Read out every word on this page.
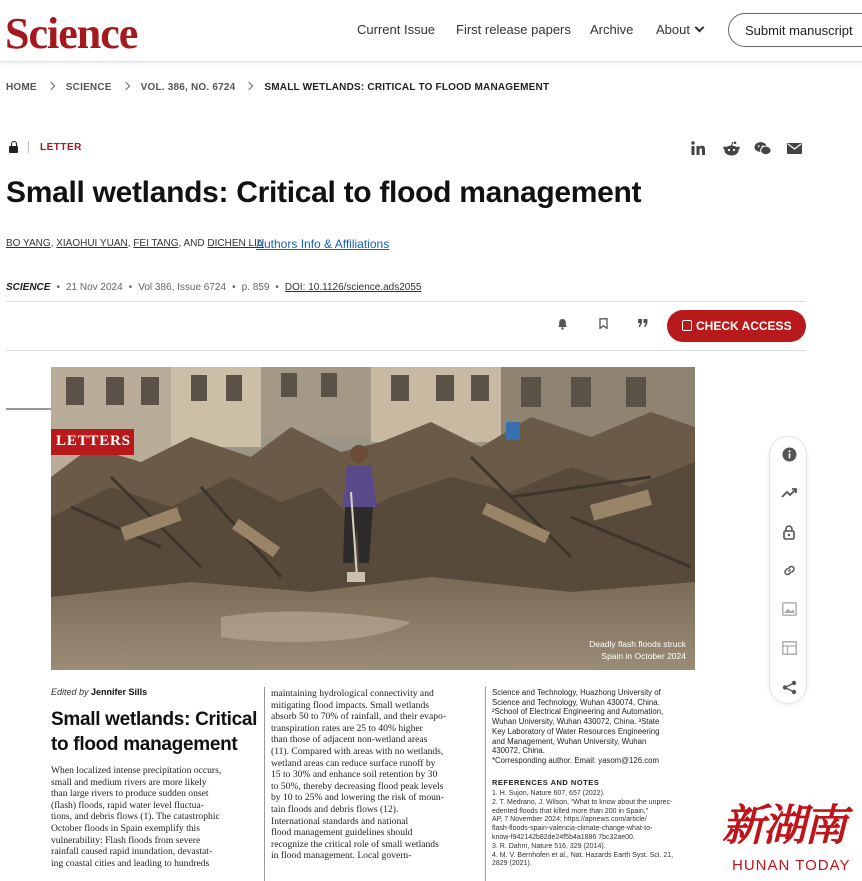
Science	Current Issue First release papers Archive About	Submit manuscript
HOME	SCIENCE	VOL. 386, NO. 6724	SMALL WETLANDS: CRITICAL TO FLOOD MANAGEMENT
LETTER
Small wetlands: Critical to flood management
BO YANG, XIAOHUI YUAN, FEI TANG, AND DICHEN LIU
Authors Info & Affiliations
SCIENCE • 21 Nov 2024 • Vol 386, Issue 6724 • p. 859 • DOI: 10.1126/science.ads2055
CHECK ACCESS
LETTERS
Deadly flash floods struck
Spain in October 2024
Edited by Jennifer Sills
Small wetlands: Critical
to flood management
When localized intense precipitation occurs,
small and medium rivers are more likely
than large rivers to produce sudden onset
(flash) floods, rapid water level fluctua-
tions, and debris flows (1). The catastrophic
October floods in Spain exemplify this
vulnerability: Flash floods from severe
rainfall caused rapid inundation, devastat-
ing coastal cities and leading to hundreds
maintaining hydrological connectivity and
mitigating flood impacts. Small wetlands
absorb 50 to 70% of rainfall, and their evapo-
transpiration rates are 25 to 40% higher
than those of adjacent non-wetland areas
(11). Compared with areas with no wetlands,
wetland areas can reduce surface runoff by
15 to 30% and enhance soil retention by 30
to 50%, thereby decreasing flood peak levels
by 10 to 25% and lowering the risk of moun-
tain floods and debris flows (12).
International standards and national
flood management guidelines should
recognize the critical role of small wetlands
in flood management. Local govern-
Science and Technology, Huazhong University of
Science and Technology, Wuhan 430074, China.
²School of Electrical Engineering and Automation,
Wuhan University, Wuhan 430072, China. ³State
Key Laboratory of Water Resources Engineering
and Management, Wuhan University, Wuhan
430072, China.
*Corresponding author. Email: yasom@126.com
REFERENCES AND NOTES
1. H. Sujon, Nature 607, 657 (2022).
2. T. Medrano, J. Wilson, “What to know about the unprec-
edented floods that killed more than 200 in Spain,”
AP, 7 November 2024; https://apnews.com/article/
flash-floods-spain-valencia-climate-change-what-to-
know-f942142b82de24f5b4a1886 7bc32ae00.
3. R. Dahm, Nature 516, 329 (2014).
4. M. V. Bernhofen et al., Nat. Hazards Earth Syst. Sci. 21,
2829 (2021).
新湖南
HUNAN TODAY
